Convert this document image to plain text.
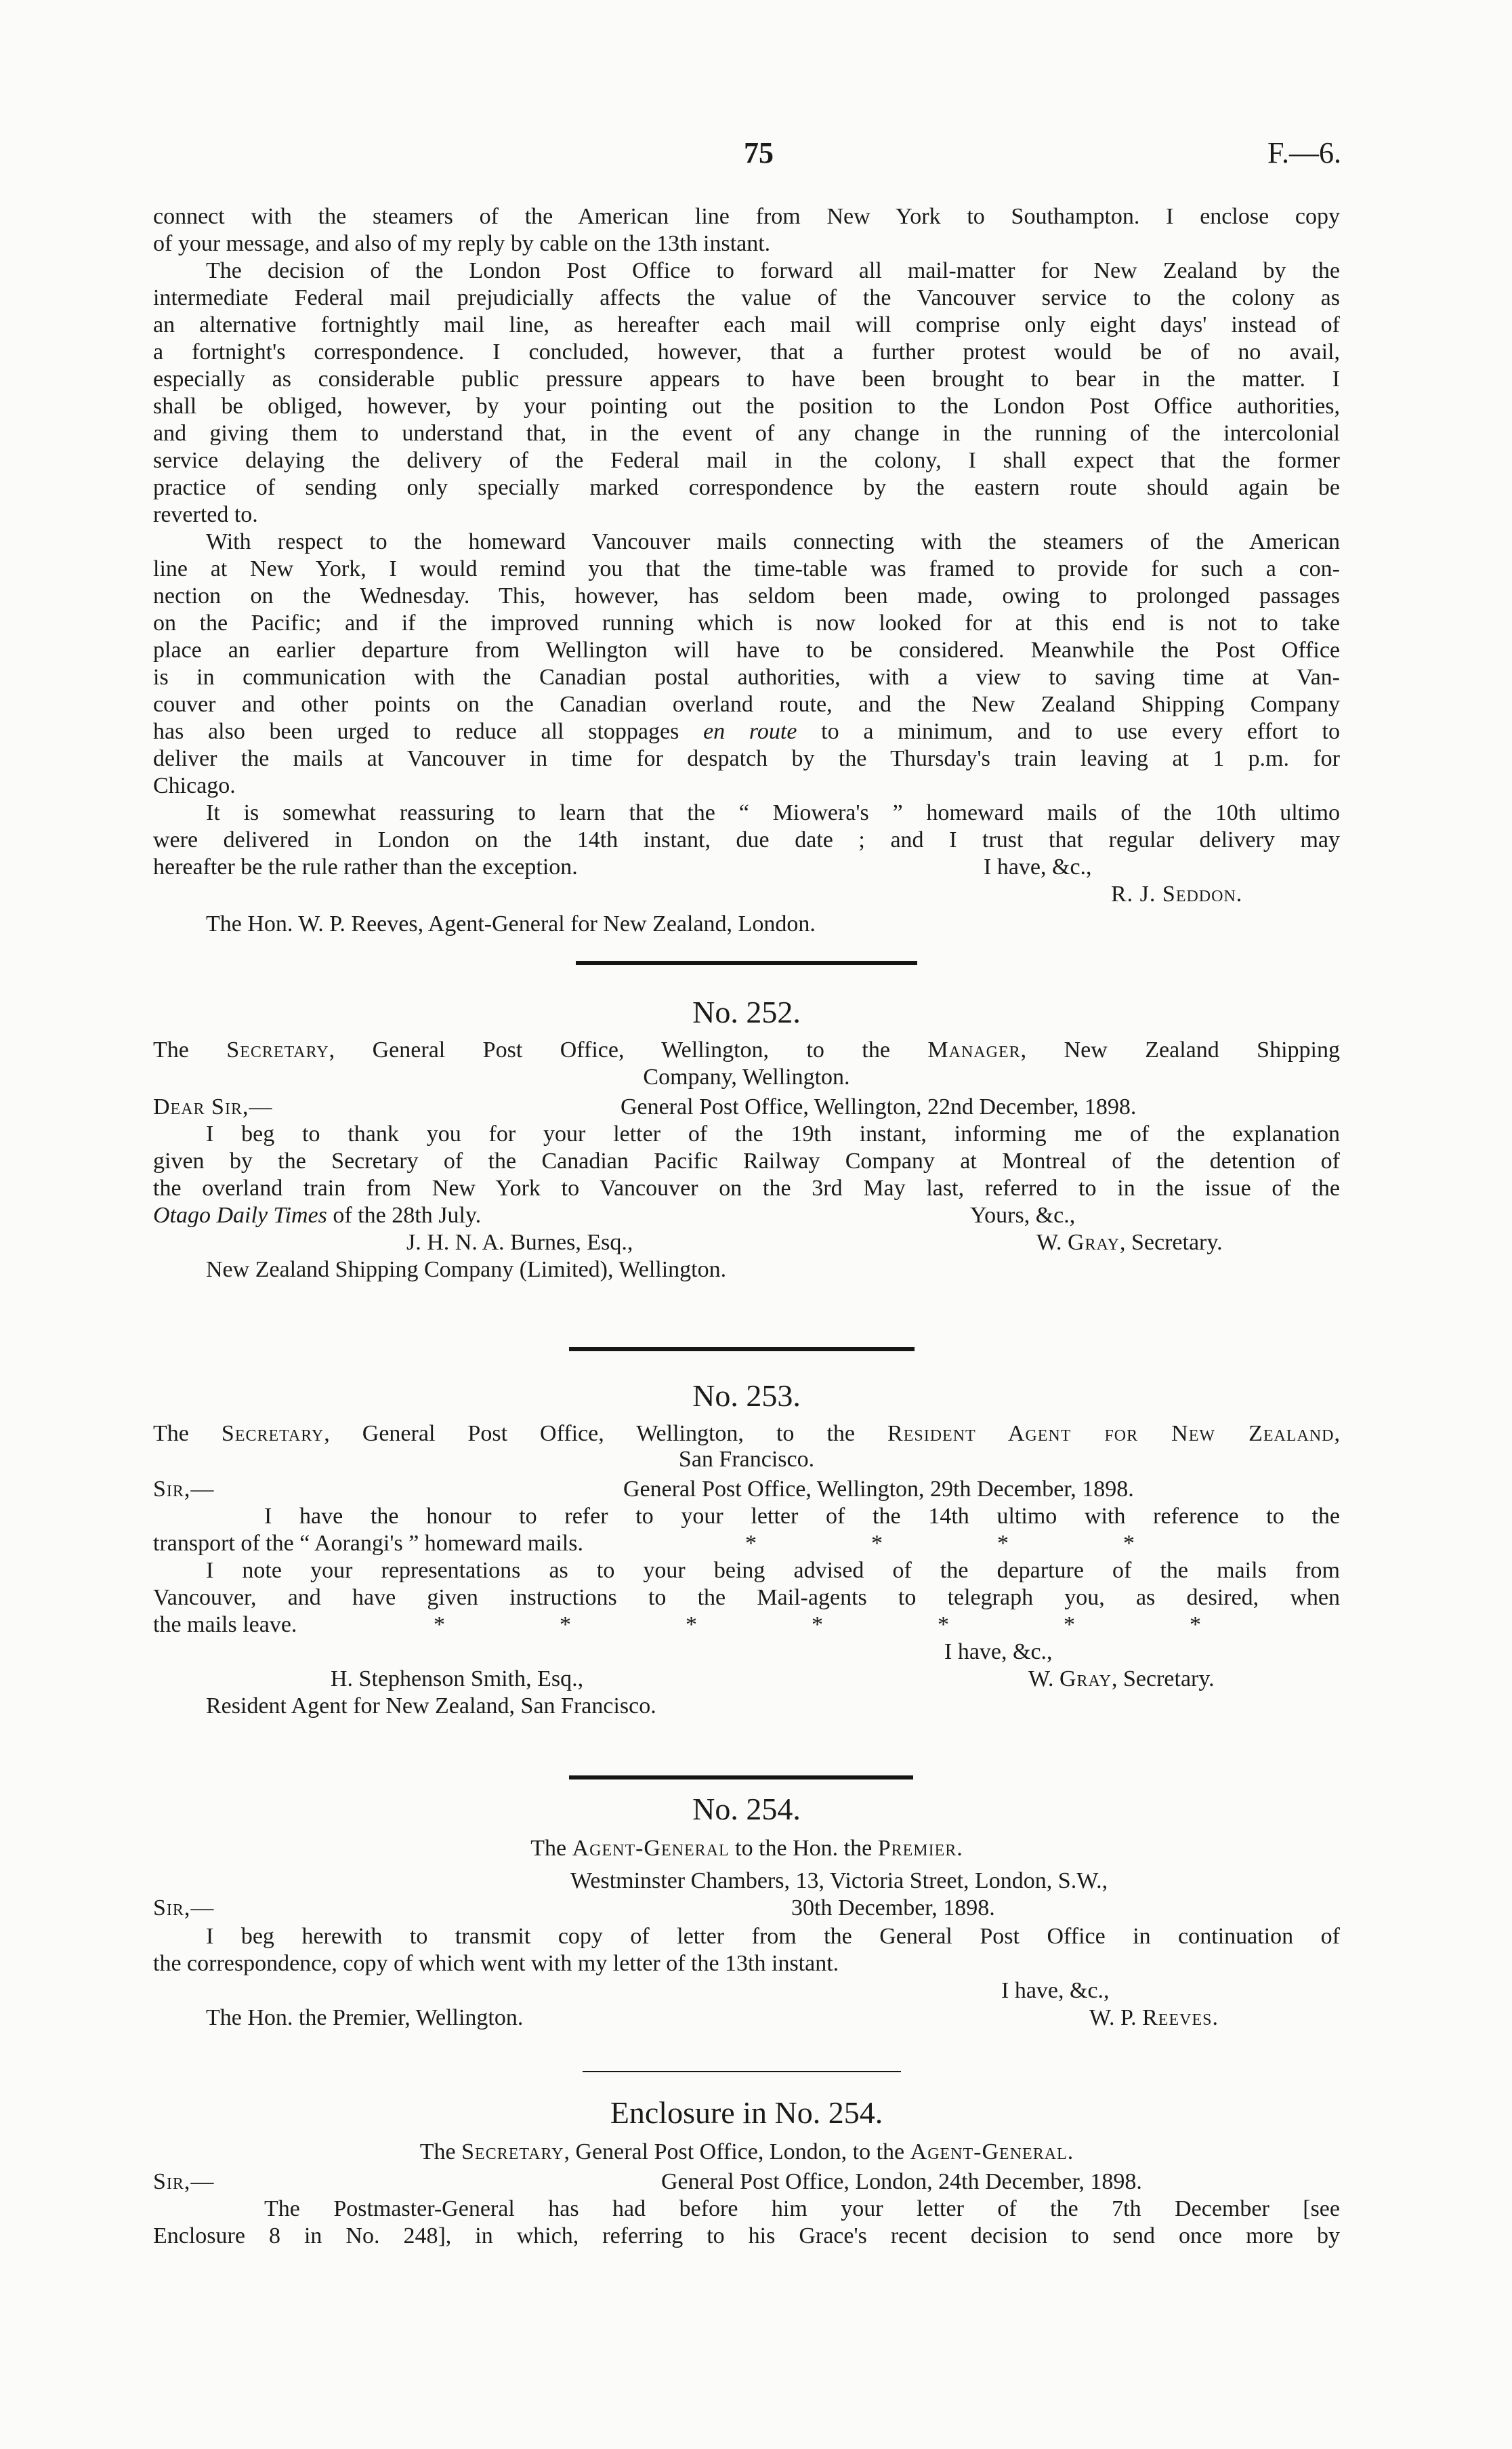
75	F.—6.
connect with the steamers of the American line from New York to Southampton. I enclose copy
of your message, and also of my reply by cable on the 13th instant.
The decision of the London Post Office to forward all mail-matter for New Zealand by the
intermediate Federal mail prejudicially affects the value of the Vancouver service to the colony as
an alternative fortnightly mail line, as hereafter each mail will comprise only eight days' instead of
a fortnight's correspondence. I concluded, however, that a further protest would be of no avail,
especially as considerable public pressure appears to have been brought to bear in the matter. I
shall be obliged, however, by your pointing out the position to the London Post Office authorities,
and giving them to understand that, in the event of any change in the running of the intercolonial
service delaying the delivery of the Federal mail in the colony, I shall expect that the former
practice of sending only specially marked correspondence by the eastern route should again be
reverted to.
With respect to the homeward Vancouver mails connecting with the steamers of the American
line at New York, I would remind you that the time-table was framed to provide for such a con-
nection on the Wednesday. This, however, has seldom been made, owing to prolonged passages
on the Pacific; and if the improved running which is now looked for at this end is not to take
place an earlier departure from Wellington will have to be considered. Meanwhile the Post Office
is in communication with the Canadian postal authorities, with a view to saving time at Van-
couver and other points on the Canadian overland route, and the New Zealand Shipping Company
has also been urged to reduce all stoppages en route to a minimum, and to use every effort to
deliver the mails at Vancouver in time for despatch by the Thursday's train leaving at 1 p.m. for
Chicago.
It is somewhat reassuring to learn that the “ Miowera's ” homeward mails of the 10th ultimo
were delivered in London on the 14th instant, due date ; and I trust that regular delivery may
hereafter be the rule rather than the exception.	I have, &c.,
R. J. Seddon.
The Hon. W. P. Reeves, Agent-General for New Zealand, London.
No. 252.
The Secretary, General Post Office, Wellington, to the Manager, New Zealand Shipping
Company, Wellington.
Dear Sir,—	General Post Office, Wellington, 22nd December, 1898.
I beg to thank you for your letter of the 19th instant, informing me of the explanation
given by the Secretary of the Canadian Pacific Railway Company at Montreal of the detention of
the overland train from New York to Vancouver on the 3rd May last, referred to in the issue of the
Otago Daily Times of the 28th July.	Yours, &c.,
J. H. N. A. Burnes, Esq.,	W. Gray, Secretary.
New Zealand Shipping Company (Limited), Wellington.
No. 253.
The Secretary, General Post Office, Wellington, to the Resident Agent for New Zealand,
San Francisco.
Sir,—	General Post Office, Wellington, 29th December, 1898.
I have the honour to refer to your letter of the 14th ultimo with reference to the
transport of the “ Aorangi's ” homeward mails.	*	*	*	*
I note your representations as to your being advised of the departure of the mails from
Vancouver, and have given instructions to the Mail-agents to telegraph you, as desired, when
the mails leave.	*	*	*	*	*	*	*
I have, &c.,
H. Stephenson Smith, Esq.,	W. Gray, Secretary.
Resident Agent for New Zealand, San Francisco.
No. 254.
The Agent-General to the Hon. the Premier.
Westminster Chambers, 13, Victoria Street, London, S.W.,
Sir,—	30th December, 1898.
I beg herewith to transmit copy of letter from the General Post Office in continuation of
the correspondence, copy of which went with my letter of the 13th instant.
I have, &c.,
The Hon. the Premier, Wellington.	W. P. Reeves.
Enclosure in No. 254.
The Secretary, General Post Office, London, to the Agent-General.
Sir,—	General Post Office, London, 24th December, 1898.
The Postmaster-General has had before him your letter of the 7th December [see
Enclosure 8 in No. 248], in which, referring to his Grace's recent decision to send once more by
